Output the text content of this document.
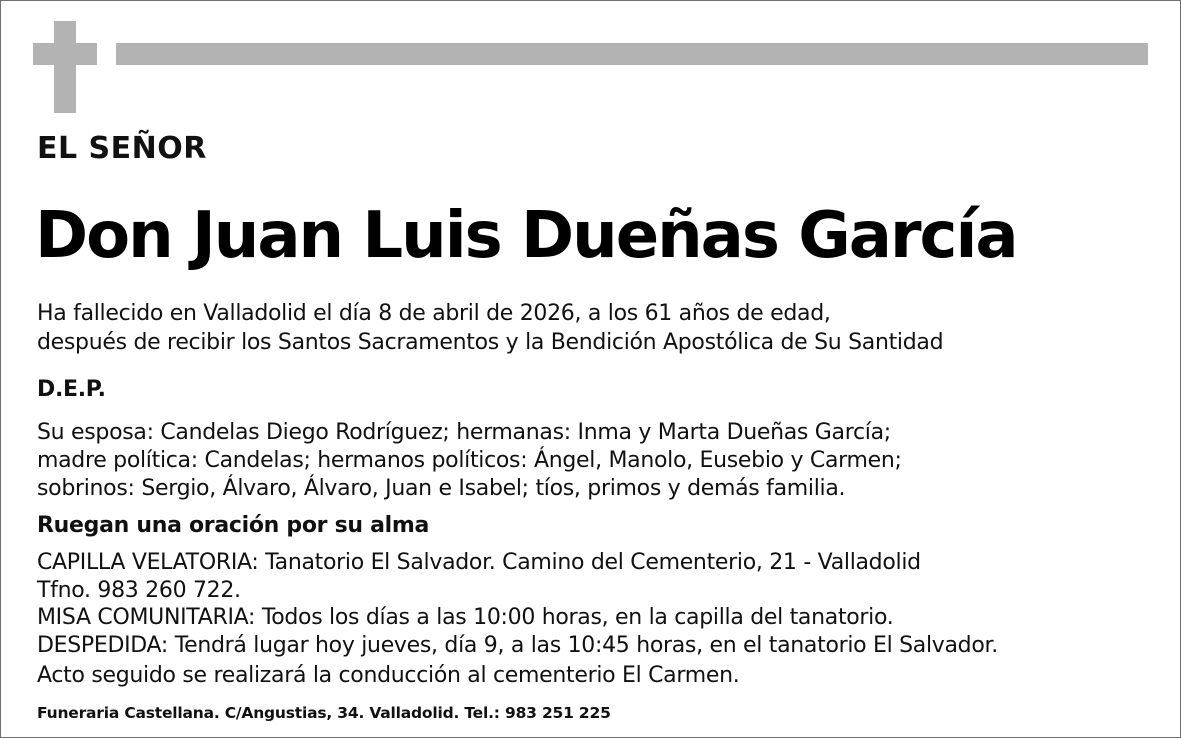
EL SEÑOR
Don Juan Luis Dueñas García
Ha fallecido en Valladolid el día 8 de abril de 2026, a los 61 años de edad,
después de recibir los Santos Sacramentos y la Bendición Apostólica de Su Santidad
D.E.P.
Su esposa: Candelas Diego Rodríguez; hermanas: Inma y Marta Dueñas García;
madre política: Candelas; hermanos políticos: Ángel, Manolo, Eusebio y Carmen;
sobrinos: Sergio, Álvaro, Álvaro, Juan e Isabel; tíos, primos y demás familia.
Ruegan una oración por su alma
CAPILLA VELATORIA: Tanatorio El Salvador. Camino del Cementerio, 21 - Valladolid
Tfno. 983 260 722.
MISA COMUNITARIA: Todos los días a las 10:00 horas, en la capilla del tanatorio.
DESPEDIDA: Tendrá lugar hoy jueves, día 9, a las 10:45 horas, en el tanatorio El Salvador.
Acto seguido se realizará la conducción al cementerio El Carmen.
Funeraria Castellana. C/Angustias, 34. Valladolid. Tel.: 983 251 225
